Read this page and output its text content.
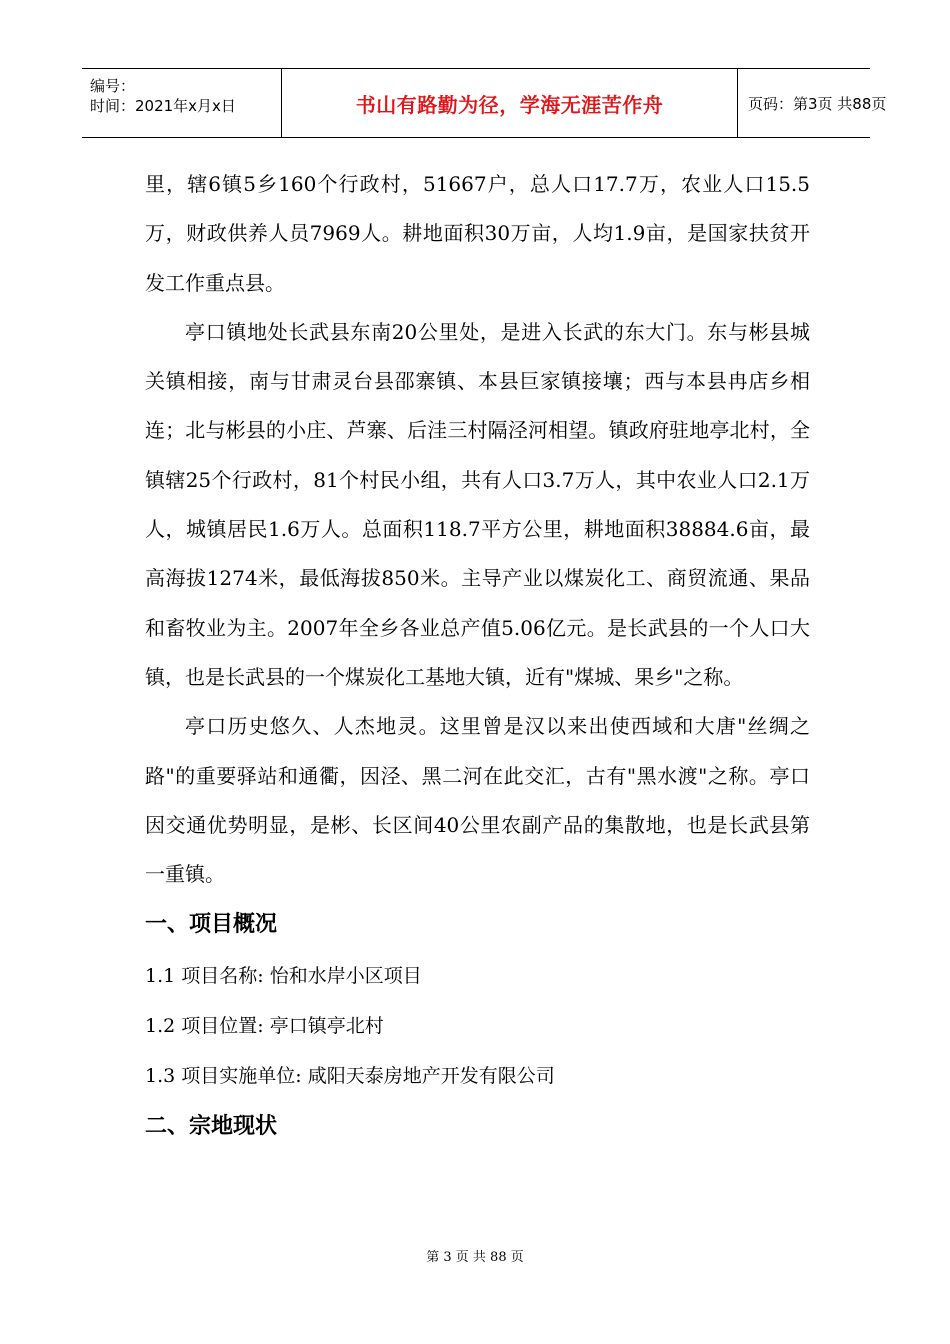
编号：
时间：2021年x月x日	书山有路勤为径，学海无涯苦作舟	页码：第3页 共88页

里，辖6镇5乡160个行政村，51667户，总人口17.7万，农业人口15.5万，财政供养人员7969人。耕地面积30万亩，人均1.9亩，是国家扶贫开发工作重点县。

亭口镇地处长武县东南20公里处，是进入长武的东大门。东与彬县城关镇相接，南与甘肃灵台县邵寨镇、本县巨家镇接壤；西与本县冉店乡相连；北与彬县的小庄、芦寨、后洼三村隔泾河相望。镇政府驻地亭北村，全镇辖25个行政村，81个村民小组，共有人口3.7万人，其中农业人口2.1万人，城镇居民1.6万人。总面积118.7平方公里，耕地面积38884.6亩，最高海拔1274米，最低海拔850米。主导产业以煤炭化工、商贸流通、果品和畜牧业为主。2007年全乡各业总产值5.06亿元。是长武县的一个人口大镇，也是长武县的一个煤炭化工基地大镇，近有"煤城、果乡"之称。

亭口历史悠久、人杰地灵。这里曾是汉以来出使西域和大唐"丝绸之路"的重要驿站和通衢，因泾、黑二河在此交汇，古有"黑水渡"之称。亭口因交通优势明显，是彬、长区间40公里农副产品的集散地，也是长武县第一重镇。

一、项目概况

1.1 项目名称: 怡和水岸小区项目

1.2 项目位置: 亭口镇亭北村

1.3 项目实施单位: 咸阳天泰房地产开发有限公司

二、宗地现状
第 3 页 共 88 页
